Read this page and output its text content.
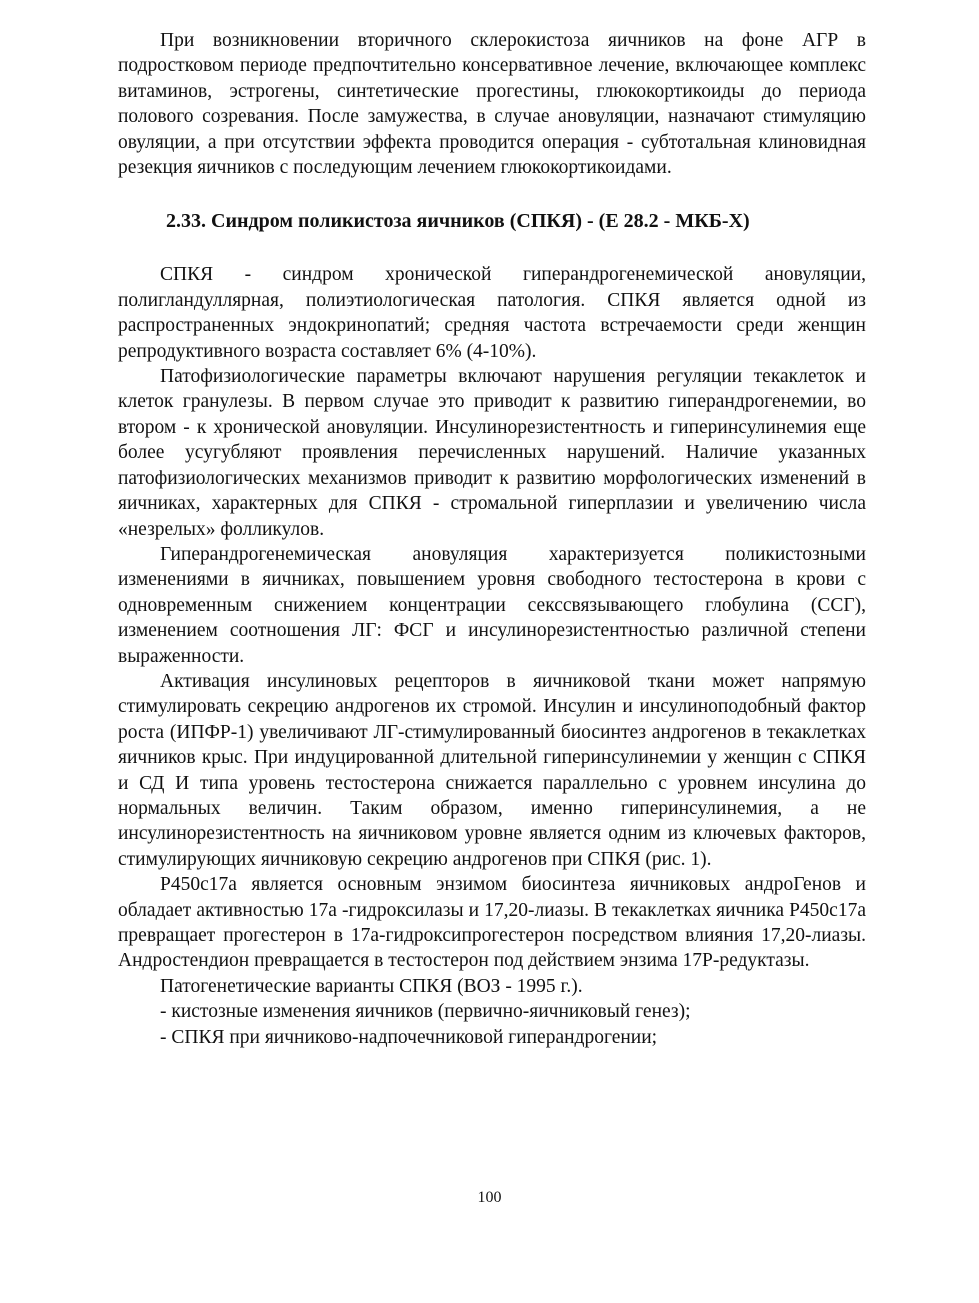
При возникновении вторичного склерокистоза яичников на фоне АГР в подростковом периоде предпочтительно консервативное лечение, включающее комплекс витаминов, эстрогены, синтетические прогестины, глюкокортикоиды до периода полового созревания. После замужества, в случае ановуляции, назначают стимуляцию овуляции, а при отсутствии эффекта проводится операция - субтотальная клиновидная резекция яичников с последующим лечением глюкокортикоидами.

2.33. Синдром поликистоза яичников (СПКЯ) - (Е 28.2 - МКБ-Х)

СПКЯ - синдром хронической гиперандрогенемической ановуляции, полигландуллярная, полиэтиологическая патология. СПКЯ является одной из распространенных эндокринопатий; средняя частота встречаемости среди женщин репродуктивного возраста составляет 6% (4-10%).

Патофизиологические параметры включают нарушения регуляции текаклеток и клеток гранулезы. В первом случае это приводит к развитию гиперандрогенемии, во втором - к хронической ановуляции. Инсулинорезистентность и гиперинсулинемия еще более усугубляют проявления перечисленных нарушений. Наличие указанных патофизиологических механизмов приводит к развитию морфологических изменений в яичниках, характерных для СПКЯ - стромальной гиперплазии и увеличению числа «незрелых» фолликулов.

Гиперандрогенемическая ановуляция характеризуется поликистозными изменениями в яичниках, повышением уровня свободного тестостерона в крови с одновременным снижением концентрации сексcвязывающего глобулина (ССГ), изменением соотношения ЛГ: ФСГ и инсулинорезистентностью различной степени выраженности.

Активация инсулиновых рецепторов в яичниковой ткани может напрямую стимулировать секрецию андрогенов их стромой. Инсулин и инсулиноподобный фактор роста (ИПФР-1) увеличивают ЛГ-стимулированный биосинтез андрогенов в текаклетках яичников крыс. При индуцированной длительной гиперинсулинемии у женщин с СПКЯ и СД И типа уровень тестостерона снижается параллельно с уровнем инсулина до нормальных величин. Таким образом, именно гиперинсулинемия, а не инсулинорезистентность на яичниковом уровне является одним из ключевых факторов, стимулирующих яичниковую секрецию андрогенов при СПКЯ (рис. 1).

Р450с17а является основным энзимом биосинтеза яичниковых андроГенов и обладает активностью 17а -гидроксилазы и 17,20-лиазы. В текаклетках яичника Р450с17а превращает прогестерон в 17а-гидроксипрогестерон посредством влияния 17,20-лиазы. Андростендион превращается в тестостерон под действием энзима 17Р-редуктазы.

Патогенетические варианты СПКЯ (ВОЗ - 1995 г.).

- кистозные изменения яичников (первично-яичниковый генез);

- СПКЯ при яичниково-надпочечниковой гиперандрогении;

100
